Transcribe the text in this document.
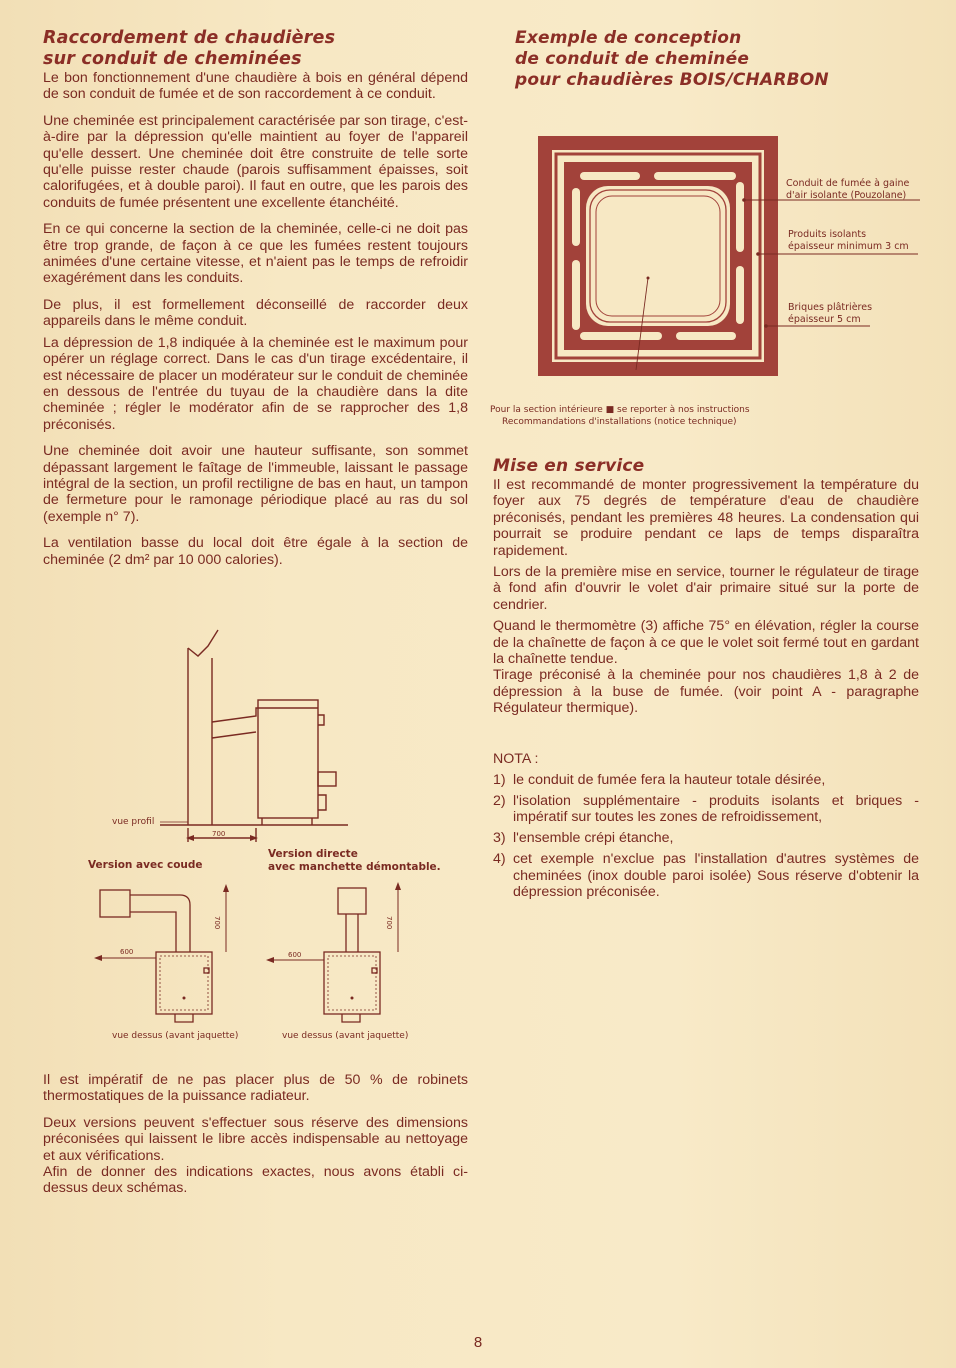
Raccordement de chaudières
sur conduit de cheminées

Le bon fonctionnement d'une chaudière à bois en général dépend de son conduit de fumée et de son raccordement à ce conduit.

Une cheminée est principalement caractérisée par son tirage, c'est-à-dire par la dépression qu'elle maintient au foyer de l'appareil qu'elle dessert. Une cheminée doit être construite de telle sorte qu'elle puisse rester chaude (parois suffisamment épaisses, soit calorifugées, et à double paroi). Il faut en outre, que les parois des conduits de fumée présentent une excellente étanchéité.

En ce qui concerne la section de la cheminée, celle-ci ne doit pas être trop grande, de façon à ce que les fumées restent toujours animées d'une certaine vitesse, et n'aient pas le temps de refroidir exagérément dans les conduits.

De plus, il est formellement déconseillé de raccorder deux appareils dans le même conduit.

La dépression de 1,8 indiquée à la cheminée est le maximum pour opérer un réglage correct. Dans le cas d'un tirage excédentaire, il est nécessaire de placer un modérateur sur le conduit de cheminée en dessous de l'entrée du tuyau de la chaudière dans la dite cheminée ; régler le modérator afin de se rapprocher des 1,8 préconisés.

Une cheminée doit avoir une hauteur suffisante, son sommet dépassant largement le faîtage de l'immeuble, laissant le passage intégral de la section, un profil rectiligne de bas en haut, un tampon de fermeture pour le ramonage périodique placé au ras du sol (exemple n° 7).

La ventilation basse du local doit être égale à la section de cheminée (2 dm² par 10 000 calories).

vue profil
700
Version avec coude
Version directe
avec manchette démontable.
600
700
vue dessus (avant jaquette)
600
700
vue dessus (avant jaquette)

Il est impératif de ne pas placer plus de 50 % de robinets thermostatiques de la puissance radiateur.

Deux versions peuvent s'effectuer sous réserve des dimensions préconisées qui laissent le libre accès indispensable au nettoyage et aux vérifications.

Afin de donner des indications exactes, nous avons établi ci-dessus deux schémas.

Exemple de conception
de conduit de cheminée
pour chaudières BOIS/CHARBON
Conduit de fumée à gaine
d'air isolante (Pouzolane)
Produits isolants
épaisseur minimum 3 cm
Briques plâtrières
épaisseur 5 cm
Pour la section intérieure ■ se reporter à nos instructions
Recommandations d'installations (notice technique)
Mise en service

Il est recommandé de monter progressivement la température du foyer aux 75 degrés de température d'eau de chaudière préconisés, pendant les premières 48 heures. La condensation qui pourrait se produire pendant ce laps de temps disparaîtra rapidement.

Lors de la première mise en service, tourner le régulateur de tirage à fond afin d'ouvrir le volet d'air primaire situé sur la porte de cendrier.

Quand le thermomètre (3) affiche 75° en élévation, régler la course de la chaînette de façon à ce que le volet soit fermé tout en gardant la chaînette tendue.

Tirage préconisé à la cheminée pour nos chaudières 1,8 à 2 de dépression à la buse de fumée. (voir point A - paragraphe Régulateur thermique).

NOTA :

1) le conduit de fumée fera la hauteur totale désirée,
2) l'isolation supplémentaire - produits isolants et briques - impératif sur toutes les zones de refroidissement,
3) l'ensemble crépi étanche,
4) cet exemple n'exclue pas l'installation d'autres systèmes de cheminées (inox double paroi isolée) Sous réserve d'obtenir la dépression préconisée.
8
